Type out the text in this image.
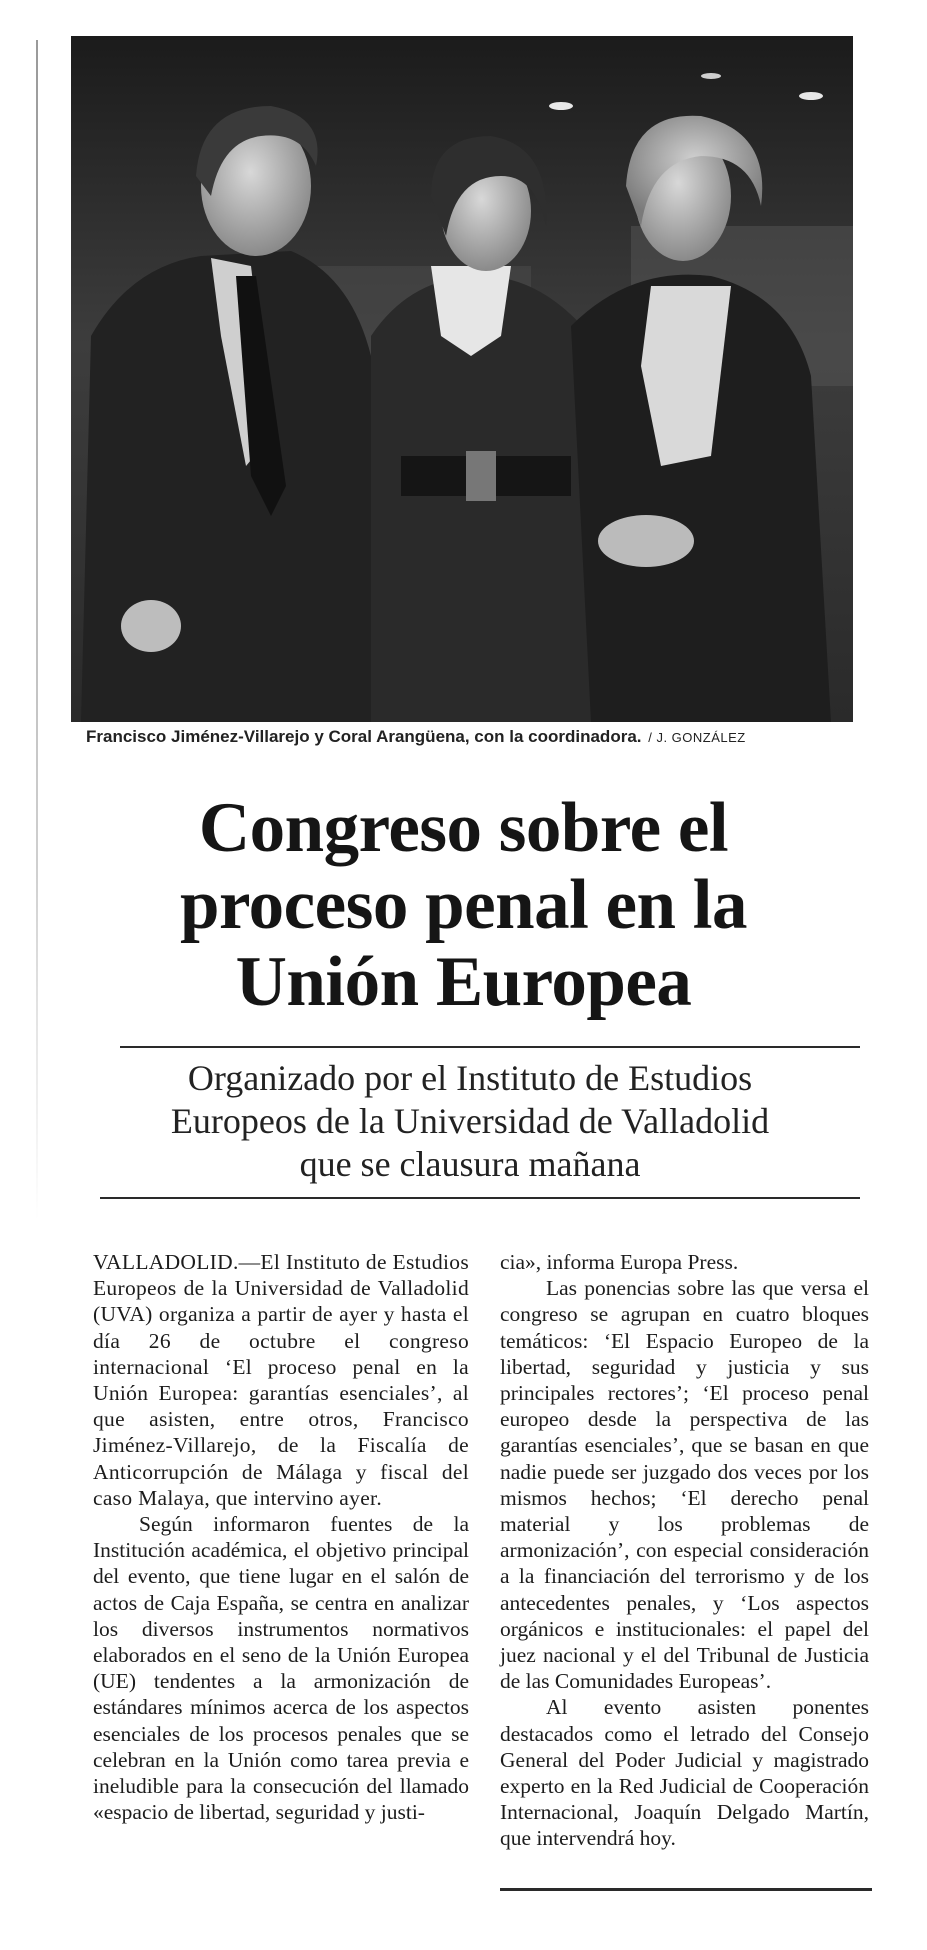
Francisco Jiménez-Villarejo y Coral Arangüena, con la coordinadora. / J. GONZÁLEZ
Congreso sobre el
proceso penal en la
Unión Europea
Organizado por el Instituto de Estudios
Europeos de la Universidad de Valladolid
que se clausura mañana

VALLADOLID.—El Instituto de Estudios Europeos de la Universidad de Valladolid (UVA) organiza a partir de ayer y hasta el día 26 de octubre el congreso internacional ‘El proceso penal en la Unión Europea: garantías esenciales’, al que asisten, entre otros, Francisco Jiménez-Villarejo, de la Fiscalía de Anticorrupción de Málaga y fiscal del caso Malaya, que intervino ayer.

Según informaron fuentes de la Institución académica, el objetivo principal del evento, que tiene lugar en el salón de actos de Caja España, se centra en analizar los diversos instrumentos normativos elaborados en el seno de la Unión Europea (UE) tendentes a la armonización de estándares mínimos acerca de los aspectos esenciales de los procesos penales que se celebran en la Unión como tarea previa e ineludible para la consecución del llamado «espacio de libertad, seguridad y justi-

cia», informa Europa Press.

Las ponencias sobre las que versa el congreso se agrupan en cuatro bloques temáticos: ‘El Espacio Europeo de la libertad, seguridad y justicia y sus principales rectores’; ‘El proceso penal europeo desde la perspectiva de las garantías esenciales’, que se basan en que nadie puede ser juzgado dos veces por los mismos hechos; ‘El derecho penal material y los problemas de armonización’, con especial consideración a la financiación del terrorismo y de los antecedentes penales, y ‘Los aspectos orgánicos e institucionales: el papel del juez nacional y el del Tribunal de Justicia de las Comunidades Europeas’.

Al evento asisten ponentes destacados como el letrado del Consejo General del Poder Judicial y magistrado experto en la Red Judicial de Cooperación Internacional, Joaquín Delgado Martín, que intervendrá hoy.
